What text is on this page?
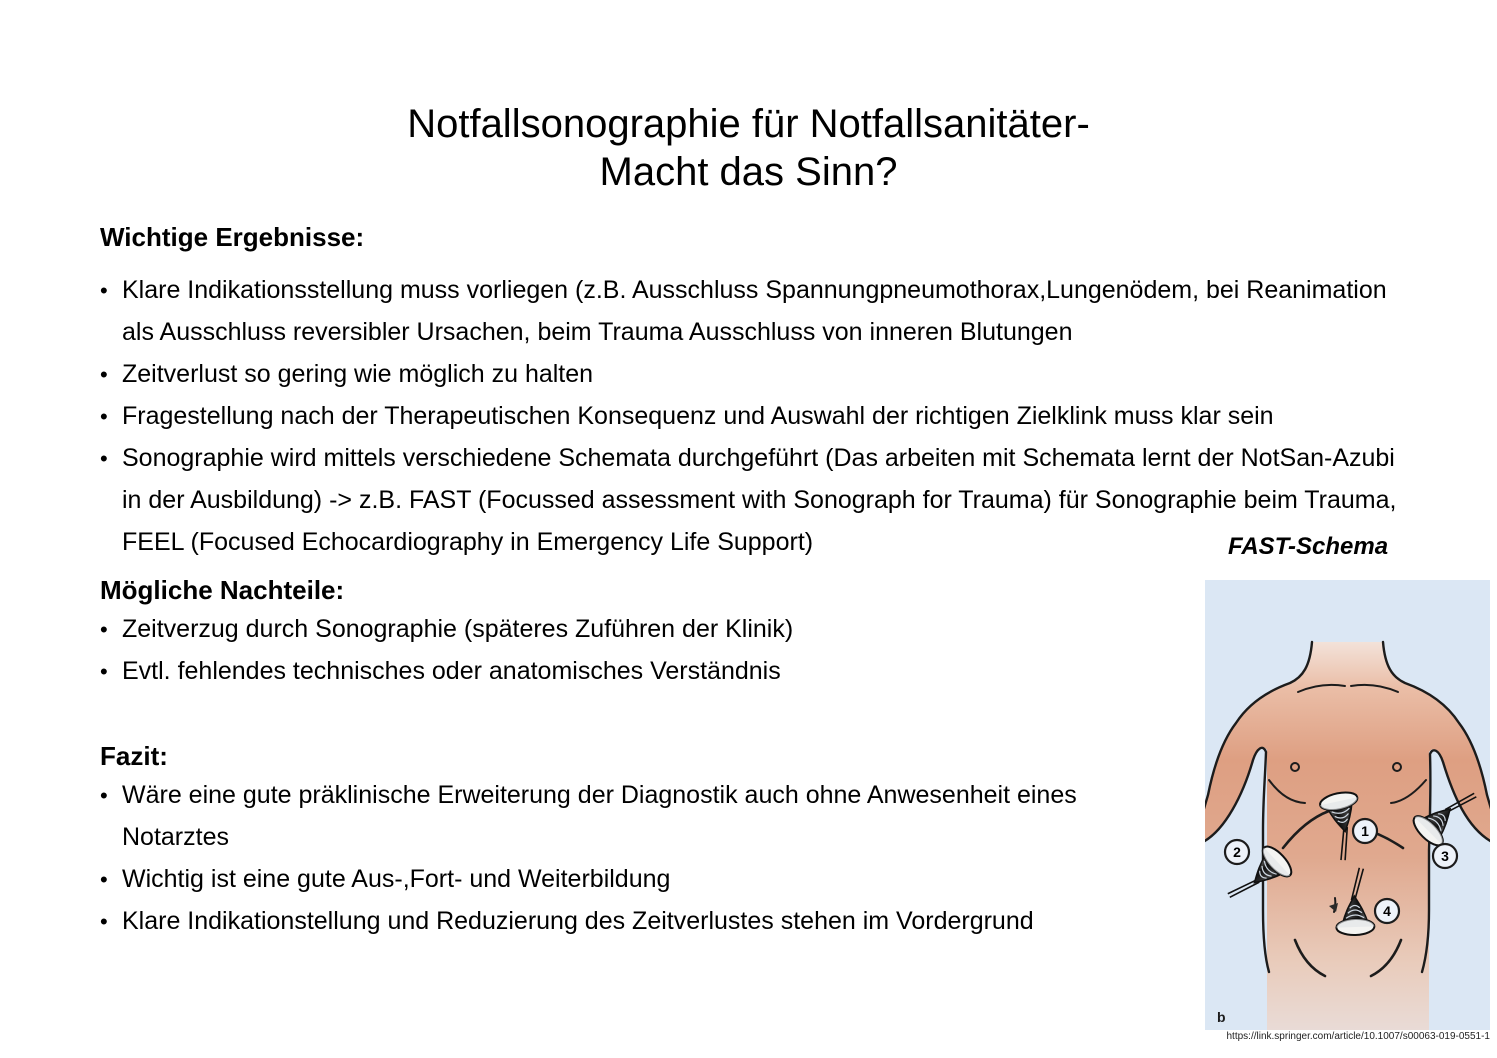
Notfallsonographie für Notfallsanitäter-
Macht das Sinn?
Wichtige Ergebnisse:
• Klare Indikationsstellung muss vorliegen (z.B. Ausschluss Spannungpneumothorax,Lungenödem, bei Reanimation
als Ausschluss reversibler Ursachen, beim Trauma Ausschluss von inneren Blutungen
• Zeitverlust so gering wie möglich zu halten
• Fragestellung nach der Therapeutischen Konsequenz und Auswahl der richtigen Zielklink muss klar sein
• Sonographie wird mittels verschiedene Schemata durchgeführt (Das arbeiten mit Schemata lernt der NotSan-Azubi
in der Ausbildung) -> z.B. FAST (Focussed assessment with Sonograph for Trauma) für Sonographie beim Trauma,
FEEL (Focused Echocardiography in Emergency Life Support)	FAST-Schema
Mögliche Nachteile:
• Zeitverzug durch Sonographie (späteres Zuführen der Klinik)
• Evtl. fehlendes technisches oder anatomisches Verständnis
Fazit:
• Wäre eine gute präklinische Erweiterung der Diagnostik auch ohne Anwesenheit eines
Notarztes
• Wichtig ist eine gute Aus-,Fort- und Weiterbildung
• Klare Indikationstellung und Reduzierung des Zeitverlustes stehen im Vordergrund
1
2	3
4
b
https://link.springer.com/article/10.1007/s00063-019-0551-1
